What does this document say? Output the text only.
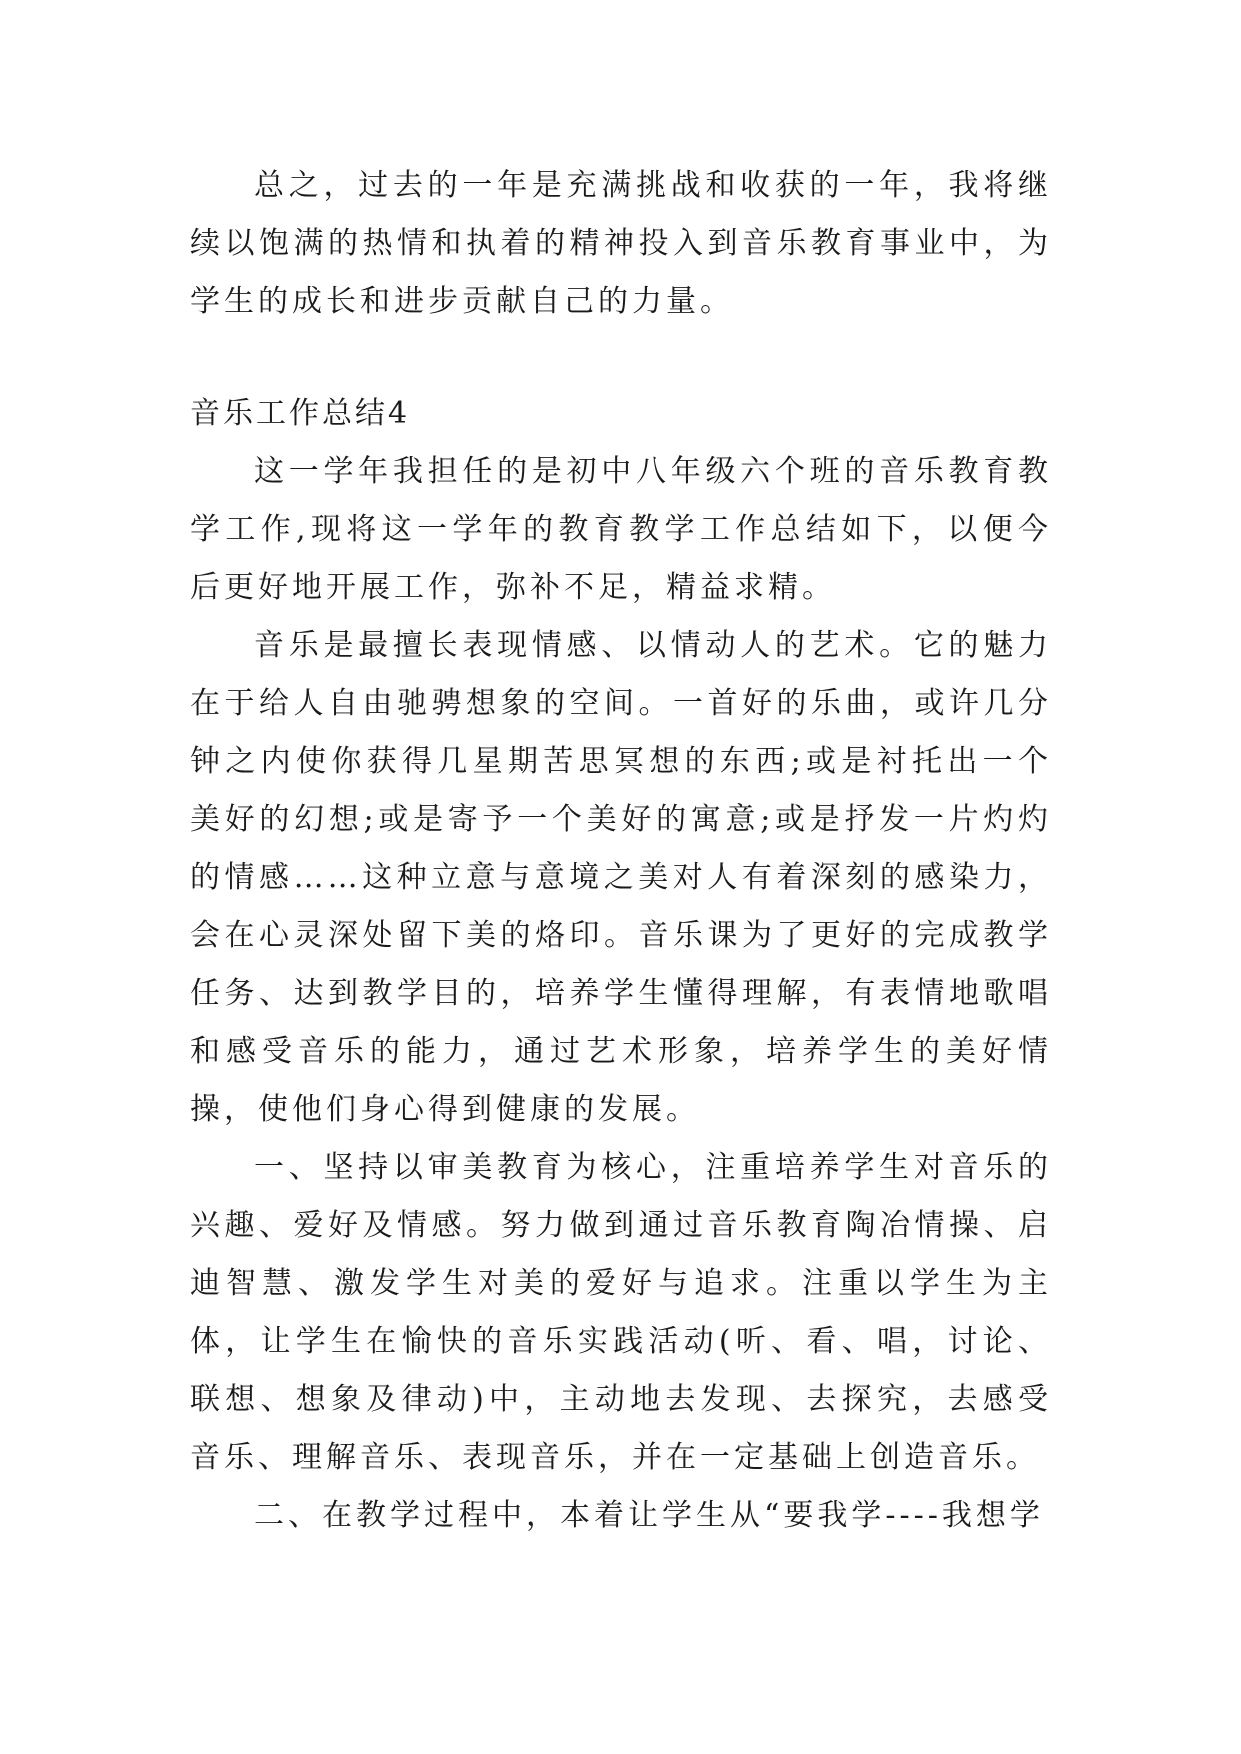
总之，过去的一年是充满挑战和收获的一年，我将继续以饱满的热情和执着的精神投入到音乐教育事业中，为学生的成长和进步贡献自己的力量。

音乐工作总结4

这一学年我担任的是初中八年级六个班的音乐教育教学工作,现将这一学年的教育教学工作总结如下，以便今后更好地开展工作，弥补不足，精益求精。

音乐是最擅长表现情感、以情动人的艺术。它的魅力在于给人自由驰骋想象的空间。一首好的乐曲，或许几分钟之内使你获得几星期苦思冥想的东西;或是衬托出一个美好的幻想;或是寄予一个美好的寓意;或是抒发一片灼灼的情感……这种立意与意境之美对人有着深刻的感染力，会在心灵深处留下美的烙印。音乐课为了更好的完成教学任务、达到教学目的，培养学生懂得理解，有表情地歌唱和感受音乐的能力，通过艺术形象，培养学生的美好情操，使他们身心得到健康的发展。

一、坚持以审美教育为核心，注重培养学生对音乐的兴趣、爱好及情感。努力做到通过音乐教育陶冶情操、启迪智慧、激发学生对美的爱好与追求。注重以学生为主体，让学生在愉快的音乐实践活动(听、看、唱，讨论、联想、想象及律动)中，主动地去发现、去探究，去感受音乐、理解音乐、表现音乐，并在一定基础上创造音乐。

二、在教学过程中，本着让学生从“要我学----我想学
